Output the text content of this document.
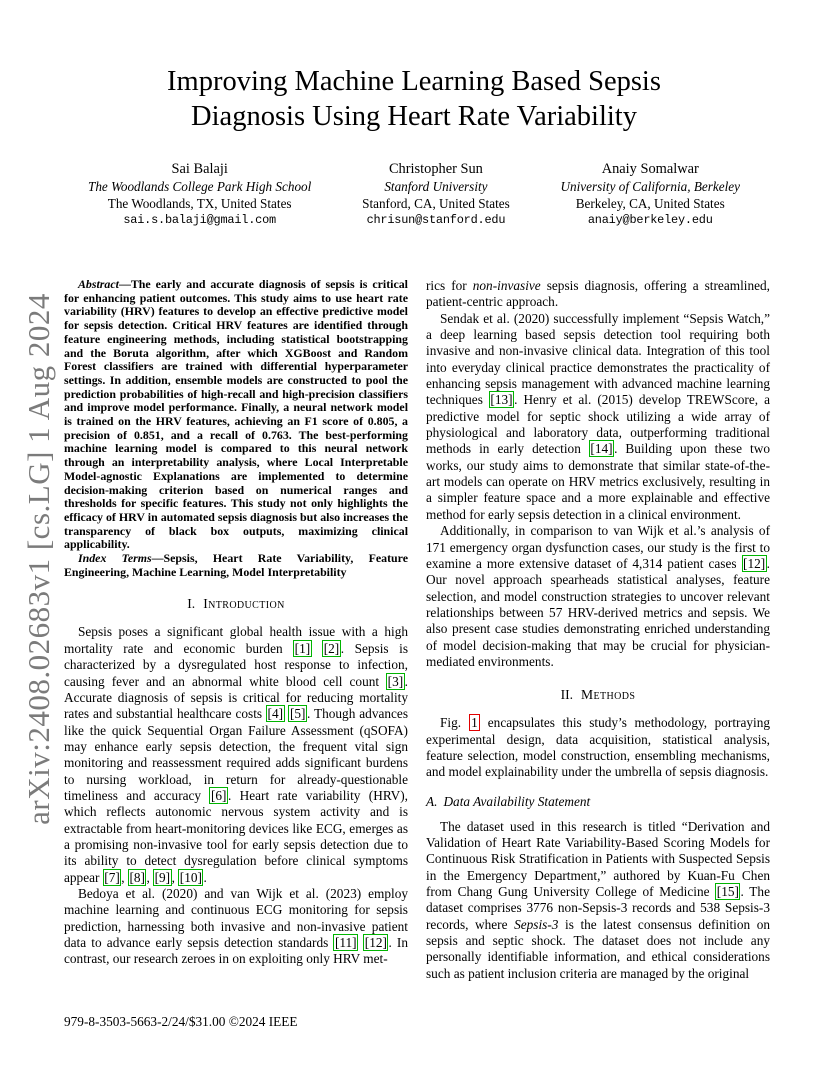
arXiv:2408.02683v1 [cs.LG] 1 Aug 2024
Improving Machine Learning Based Sepsis
Diagnosis Using Heart Rate Variability
Sai Balaji
The Woodlands College Park High School
The Woodlands, TX, United States
sai.s.balaji@gmail.com
Christopher Sun
Stanford University
Stanford, CA, United States
chrisun@stanford.edu
Anaiy Somalwar
University of California, Berkeley
Berkeley, CA, United States
anaiy@berkeley.edu

Abstract—The early and accurate diagnosis of sepsis is critical for enhancing patient outcomes. This study aims to use heart rate variability (HRV) features to develop an effective predictive model for sepsis detection. Critical HRV features are identified through feature engineering methods, including statistical bootstrapping and the Boruta algorithm, after which XGBoost and Random Forest classifiers are trained with differential hyperparameter settings. In addition, ensemble models are constructed to pool the prediction probabilities of high-recall and high-precision classifiers and improve model performance. Finally, a neural network model is trained on the HRV features, achieving an F1 score of 0.805, a precision of 0.851, and a recall of 0.763. The best-performing machine learning model is compared to this neural network through an interpretability analysis, where Local Interpretable Model-agnostic Explanations are implemented to determine decision-making criterion based on numerical ranges and thresholds for specific features. This study not only highlights the efficacy of HRV in automated sepsis diagnosis but also increases the transparency of black box outputs, maximizing clinical applicability.

Index Terms—Sepsis, Heart Rate Variability, Feature Engineering, Machine Learning, Model Interpretability

I. Introduction

Sepsis poses a significant global health issue with a high mortality rate and economic burden [1] [2] . Sepsis is characterized by a dysregulated host response to infection, causing fever and an abnormal white blood cell count [3] . Accurate diagnosis of sepsis is critical for reducing mortality rates and substantial healthcare costs [4] [5] . Though advances like the quick Sequential Organ Failure Assessment (qSOFA) may enhance early sepsis detection, the frequent vital sign monitoring and reassessment required adds significant burdens to nursing workload, in return for already-questionable timeliness and accuracy [6] . Heart rate variability (HRV), which reflects autonomic nervous system activity and is extractable from heart-monitoring devices like ECG, emerges as a promising non-invasive tool for early sepsis detection due to its ability to detect dysregulation before clinical symptoms appear [7] , [8] , [9] , [10] .

Bedoya et al. (2020) and van Wijk et al. (2023) employ machine learning and continuous ECG monitoring for sepsis prediction, harnessing both invasive and non-invasive patient data to advance early sepsis detection standards [11] [12] . In contrast, our research zeroes in on exploiting only HRV met-

rics for non-invasive sepsis diagnosis, offering a streamlined, patient-centric approach.

Sendak et al. (2020) successfully implement “Sepsis Watch,” a deep learning based sepsis detection tool requiring both invasive and non-invasive clinical data. Integration of this tool into everyday clinical practice demonstrates the practicality of enhancing sepsis management with advanced machine learning techniques [13] . Henry et al. (2015) develop TREWScore, a predictive model for septic shock utilizing a wide array of physiological and laboratory data, outperforming traditional methods in early detection [14] . Building upon these two works, our study aims to demonstrate that similar state-of-the-art models can operate on HRV metrics exclusively, resulting in a simpler feature space and a more explainable and effective method for early sepsis detection in a clinical environment.

Additionally, in comparison to van Wijk et al.’s analysis of 171 emergency organ dysfunction cases, our study is the first to examine a more extensive dataset of 4,314 patient cases [12] . Our novel approach spearheads statistical analyses, feature selection, and model construction strategies to uncover relevant relationships between 57 HRV-derived metrics and sepsis. We also present case studies demonstrating enriched understanding of model decision-making that may be crucial for physician-mediated environments.

II. Methods

Fig. 1 encapsulates this study’s methodology, portraying experimental design, data acquisition, statistical analysis, feature selection, model construction, ensembling mechanisms, and model explainability under the umbrella of sepsis diagnosis.

A. Data Availability Statement

The dataset used in this research is titled “Derivation and Validation of Heart Rate Variability-Based Scoring Models for Continuous Risk Stratification in Patients with Suspected Sepsis in the Emergency Department,” authored by Kuan-Fu Chen from Chang Gung University College of Medicine [15] . The dataset comprises 3776 non-Sepsis-3 records and 538 Sepsis-3 records, where Sepsis-3 is the latest consensus definition on sepsis and septic shock. The dataset does not include any personally identifiable information, and ethical considerations such as patient inclusion criteria are managed by the original

979-8-3503-5663-2/24/$31.00 ©2024 IEEE
